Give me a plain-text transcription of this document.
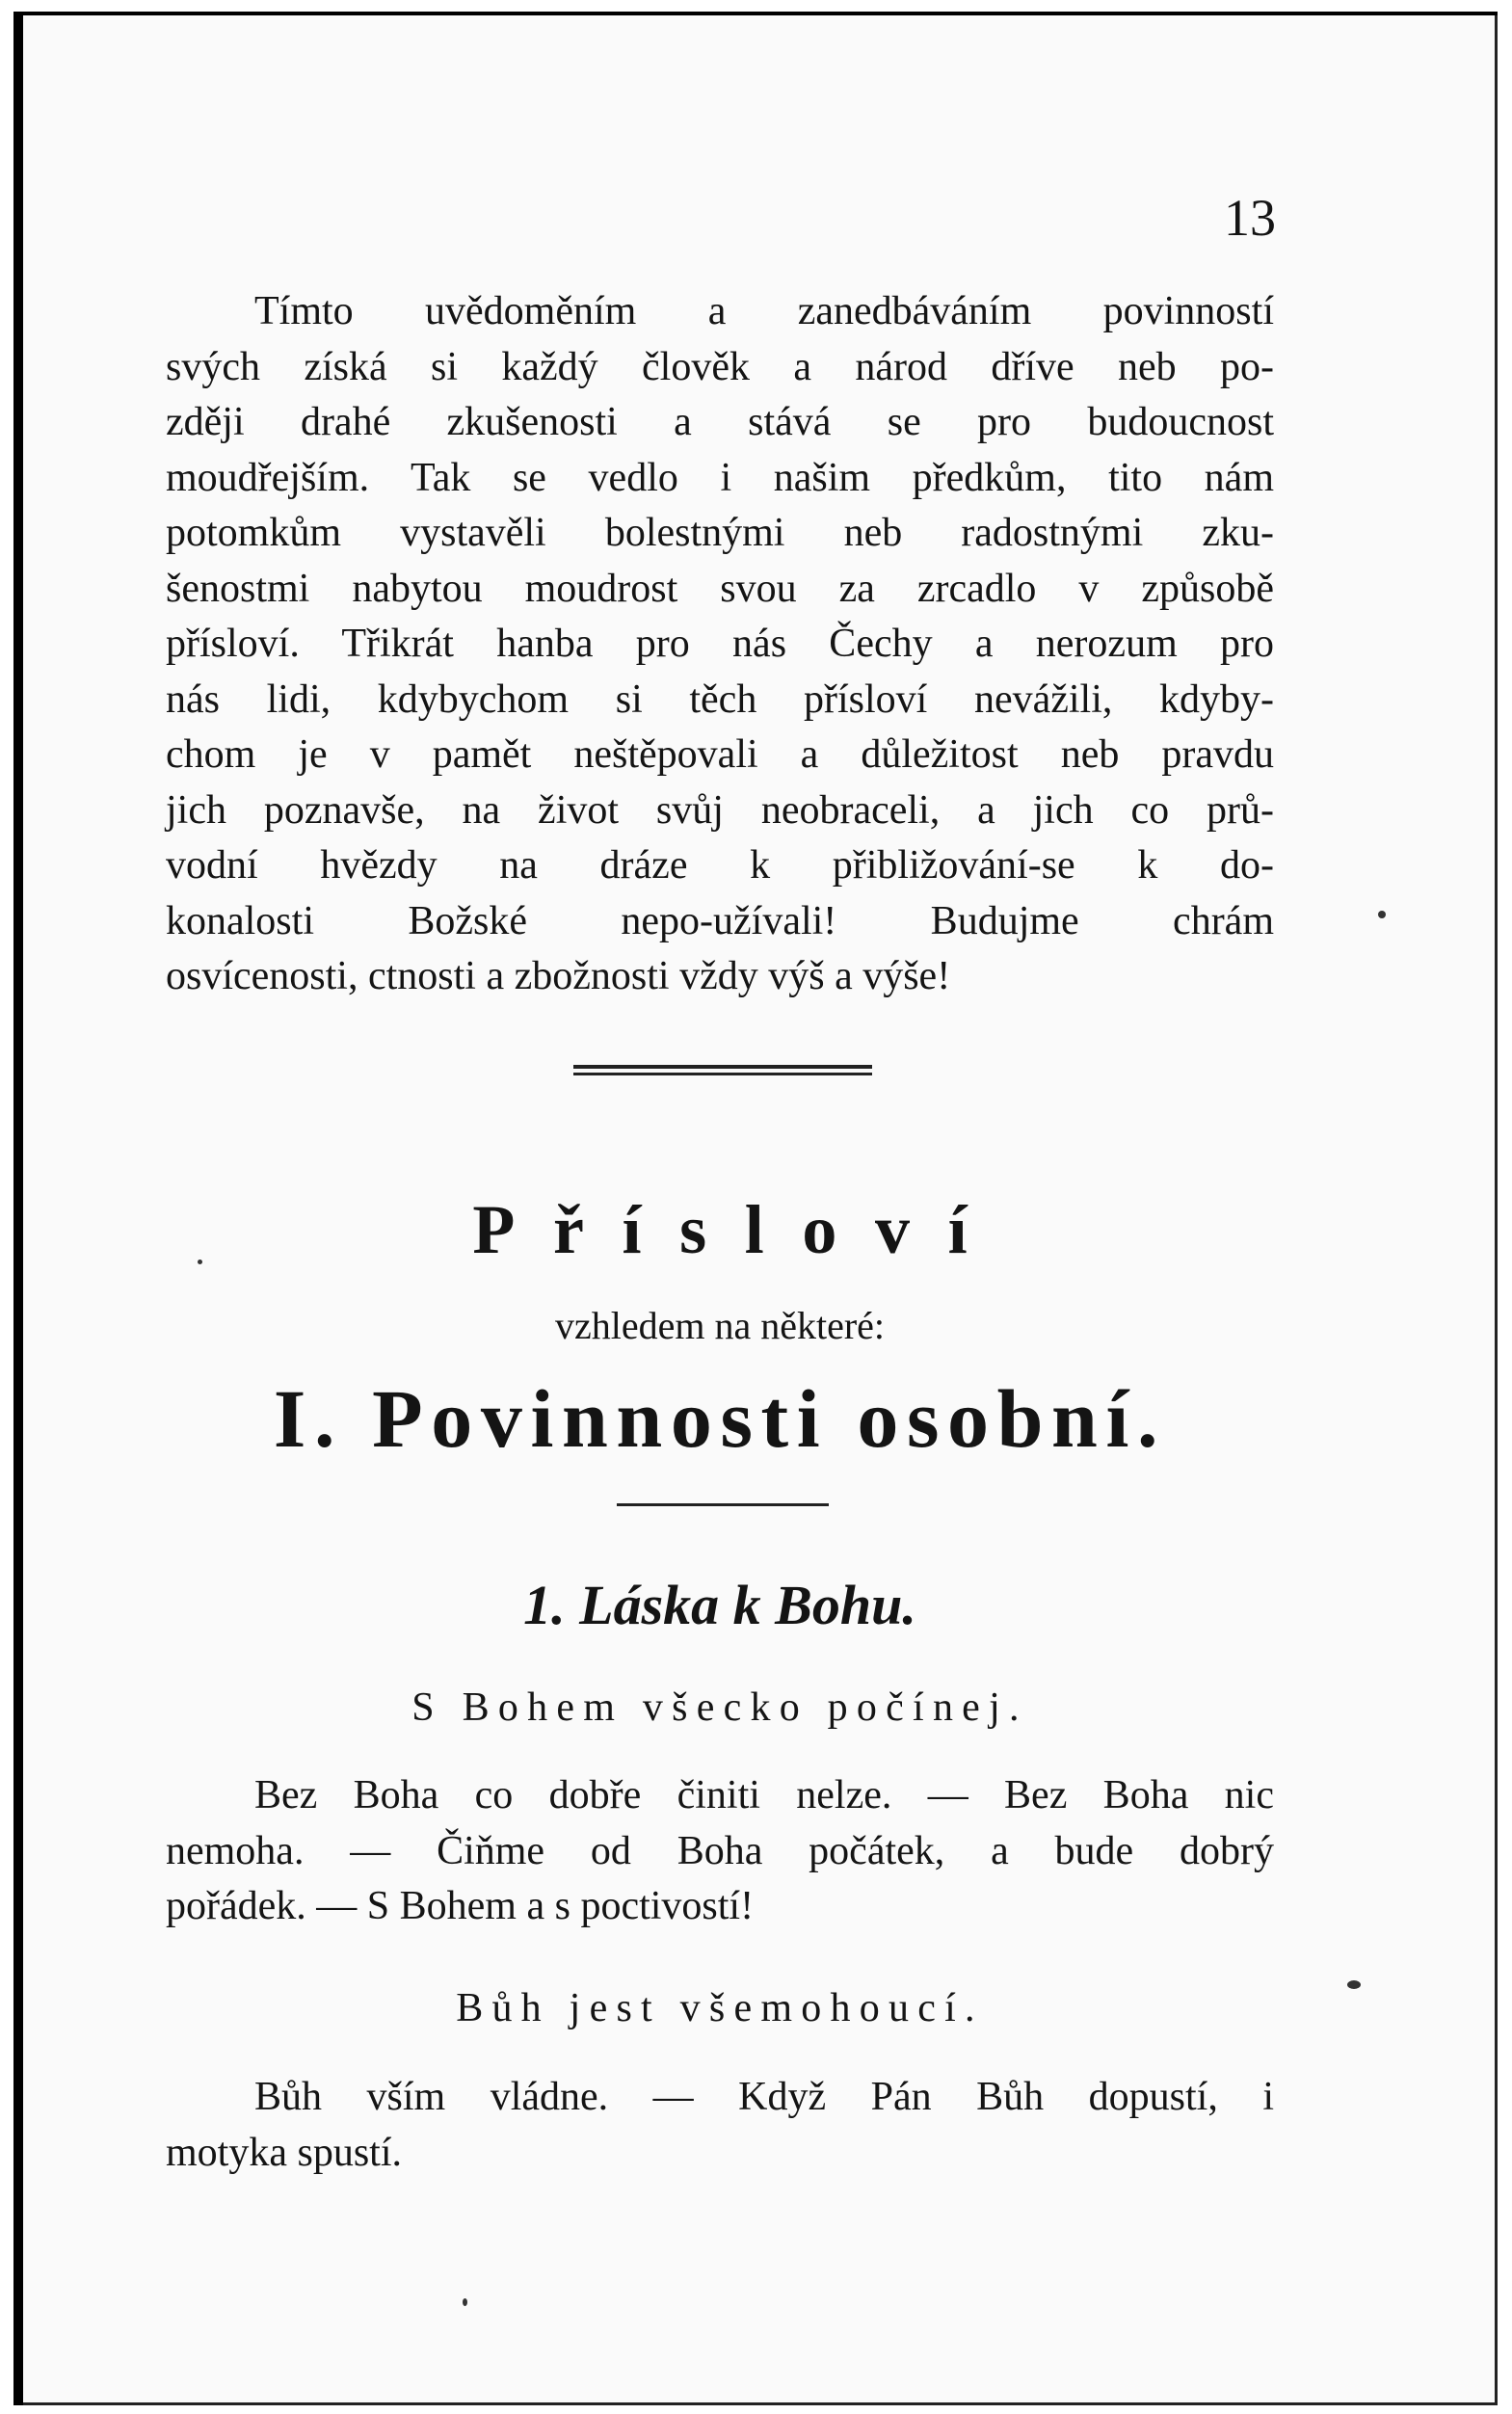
13

Tímto uvědoměním a zanedbáváním povinností

svých získá si každý člověk a národ dříve neb po-

zději drahé zkušenosti a stává se pro budoucnost

moudřejším. Tak se vedlo i našim předkům, tito nám

potomkům vystavěli bolestnými neb radostnými zku-

šenostmi nabytou moudrost svou za zrcadlo v způsobě

přísloví. Třikrát hanba pro nás Čechy a nerozum pro

nás lidi, kdybychom si těch přísloví nevážili, kdyby-

chom je v pamět neštěpovali a důležitost neb pravdu

jich poznavše, na život svůj neobraceli, a jich co prů-

vodní hvězdy na dráze k přibližování-se k do-

konalosti Božské nepo-užívali! Budujme chrám

osvícenosti, ctnosti a zbožnosti vždy výš a výše!

Přísloví

vzhledem na některé:

I. Povinnosti osobní.

1. Láska k Bohu.

S Bohem všecko počínej.

Bez Boha co dobře činiti nelze. — Bez Boha nic

nemoha. — Čiňme od Boha počátek, a bude dobrý

pořádek. — S Bohem a s poctivostí!

Bůh jest všemohoucí.

Bůh vším vládne. — Když Pán Bůh dopustí, i

motyka spustí.
